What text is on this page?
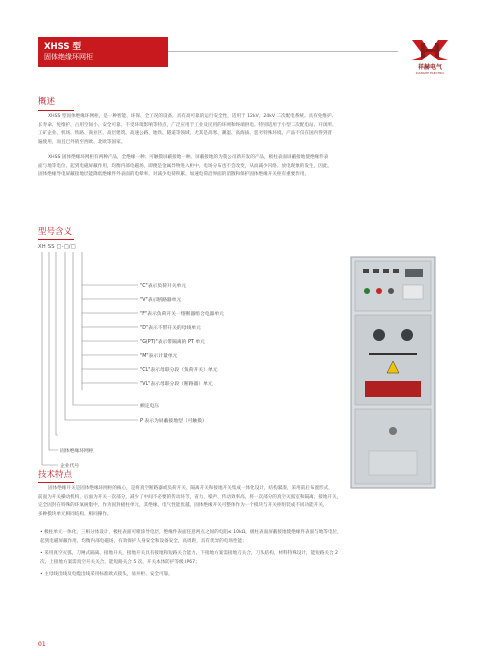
XHSS 型
固体绝缘环网柜
祥赫电气
XIANGHE ELECTRIC
概述
XHSS 型固体绝缘环网柜，是一种智能、环保、全工况的设备，具有高可靠的运行安全性，适用于 12kV、24kV 二次配电系统。具有免维护、
长寿命、免维护、占用空间小、安全可靠、不受环境影响等特点，广泛应用于工业及民用的环网和终端供电。特别适用于小型二次配电站、开闭所、
工矿企业、机场、铁路、商业区、高层建筑、高速公路、地铁、隧道等领域，尤其是高寒、潮湿、高海拔、恶劣特殊环境。产品不仅在国内得到普
遍使用，而且已外销至西欧、北欧等国家。
XHSS 固体绝缘环网柜有两种产品，全绝缘一种；可触摸屏蔽接地一种。屏蔽接地的为我公司新开发的产品，极柱表面屏蔽接地使绝缘件表
面与地等电位，起到电磁屏蔽作用，均衡内部电磁场，即便是金属异物进入柜中，电场分布也不会改变，从而减少闪络、放电现象的发生，因此，
固体绝缘导电屏蔽接地层能降低绝缘件外表面的电晕率，对减少电荷积累、加速电荷沿界面的消散和保护固体绝缘开关柜有重要作用。
型号含义
XH SS □-□/□
"C"表示负荷开关单元
"V"表示断路器单元
"F"表示负荷开关一熔断器组合电器单元
"D"表示不带开关的母线单元
"G(PT)"表示带隔离的 PT 单元
"M"表示计量单元
"CL"表示母联分段（负荷开关）单元
"VL"表示母联分段（断路器）单元
额定电压
P 表示为屏蔽接地型（可触摸）
固体绝缘环网柜
企业代号
技术特点
固体绝缘开关是固体绝缘环网柜的核心，是将真空断路器或负荷开关、隔离开关和接地开关集成一体化设计，结构紧凑，采用前后布置形式，
前面为开关操动机构，后面为开关一次部分，减少了中间不必要的传动环节，省力、噪声、传动效率高，将一次部分的真空灭弧室和隔离、接地开关，
完全固封在特殊的环氧树脂中，作为固封极柱单元，其绝缘、电气性能优越。固体绝缘开关可整体作为一个模块与开关柜组装成不同功能开关，
多种模块单元相同结构、相同操作。
• 极柱单元一体化，三相分体设计，极柱表面可喷涂导电层，绝缘件表面任意两点之间的电阻≤ 10kΩ，极柱表面屏蔽接地使绝缘件表面与地等电位，
起到电磁屏蔽作用，均衡内部电磁场，有效保护人身安全和设备安全，高周距，具有优异的电场性能；
• 采用真空灭弧，刀闸式隔离、接地开关，接地开关具有接地和短路关合能力，下接地方案需接地刀关合，刀头结构，材料特殊设计，能短路关合 2
次，上接地方案需真空开关关合，能短路关合 5 次，开关本体防护等级 IP67；
• 主母线出线及电缆出线采用标准欧式接头，易并柜、安全可靠。
01
